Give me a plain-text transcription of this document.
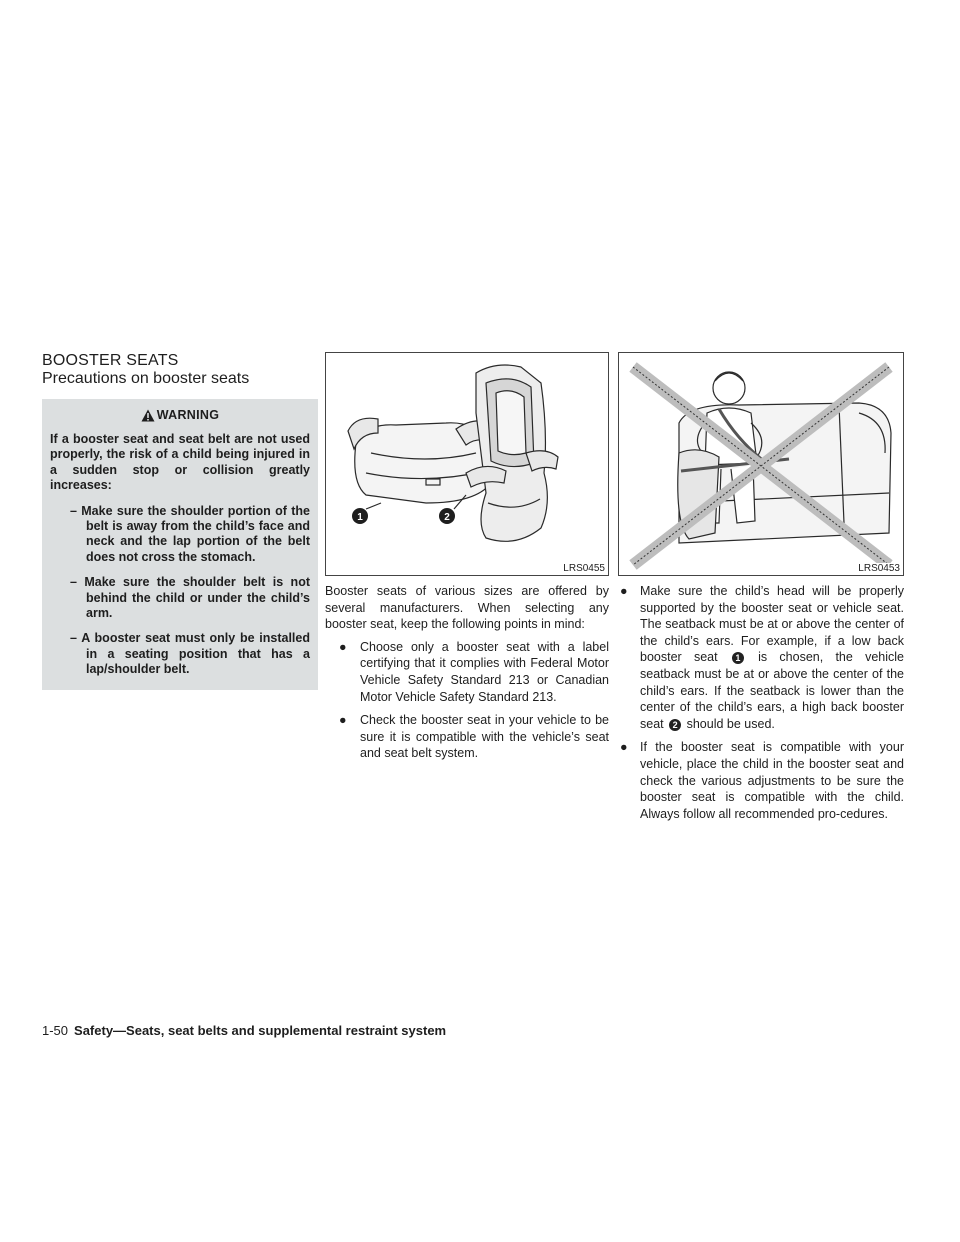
BOOSTER SEATS
Precautions on booster seats
WARNING

If a booster seat and seat belt are not used properly, the risk of a child being injured in a sudden stop or collision greatly increases:

– Make sure the shoulder portion of the belt is away from the child’s face and neck and the lap portion of the belt does not cross the stomach.
– Make sure the shoulder belt is not behind the child or under the child’s arm.
– A booster seat must only be installed in a seating position that has a lap/shoulder belt.
1	2
LRS0455

Booster seats of various sizes are offered by several manufacturers. When selecting any booster seat, keep the following points in mind:

● Choose only a booster seat with a label certifying that it complies with Federal Motor Vehicle Safety Standard 213 or Canadian Motor Vehicle Safety Standard 213.
● Check the booster seat in your vehicle to be sure it is compatible with the vehicle’s seat and seat belt system.
LRS0453
● Make sure the child’s head will be properly supported by the booster seat or vehicle seat. The seatback must be at or above the center of the child’s ears. For example, if a low back booster seat 1 is chosen, the vehicle seatback must be at or above the center of the child’s ears. If the seatback is lower than the center of the child’s ears, a high back booster seat 2 should be used.
● If the booster seat is compatible with your vehicle, place the child in the booster seat and check the various adjustments to be sure the booster seat is compatible with the child. Always follow all recommended pro-cedures.
1-50 Safety—Seats, seat belts and supplemental restraint system
